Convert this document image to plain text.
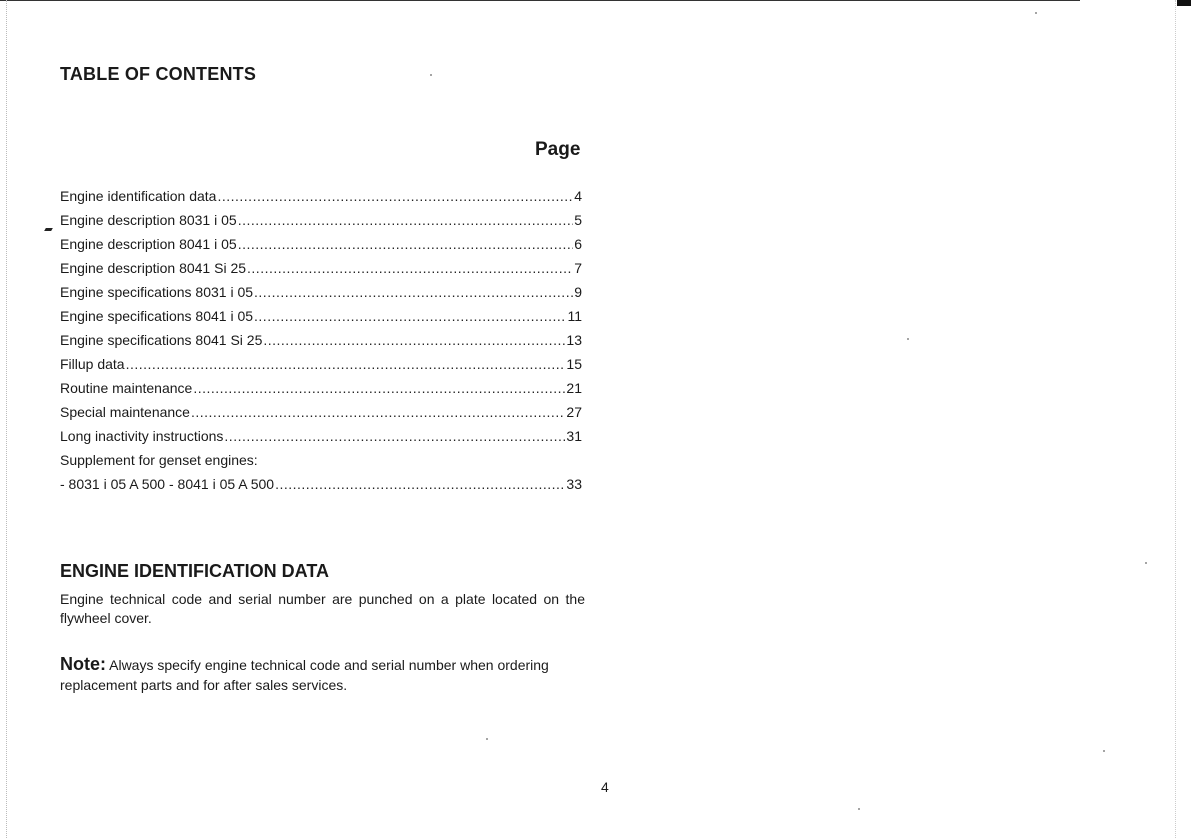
TABLE OF CONTENTS
Page
Engine identification data .....	4
Engine description 8031 i 05 .....	5
Engine description 8041 i 05 .....	6
Engine description 8041 Si 25 .....	7
Engine specifications 8031 i 05 .....	9
Engine specifications 8041 i 05 .....	11
Engine specifications 8041 Si 25 .....	13
Fillup data .....	15
Routine maintenance .....	21
Special maintenance .....	27
Long inactivity instructions .....	31
Supplement for genset engines:
- 8031 i 05 A 500 - 8041 i 05 A 500 .....	33
ENGINE IDENTIFICATION DATA
Engine technical code and serial number are punched on a plate located on the flywheel cover.
Note: Always specify engine technical code and serial number when ordering replacement parts and for after sales services.
4
